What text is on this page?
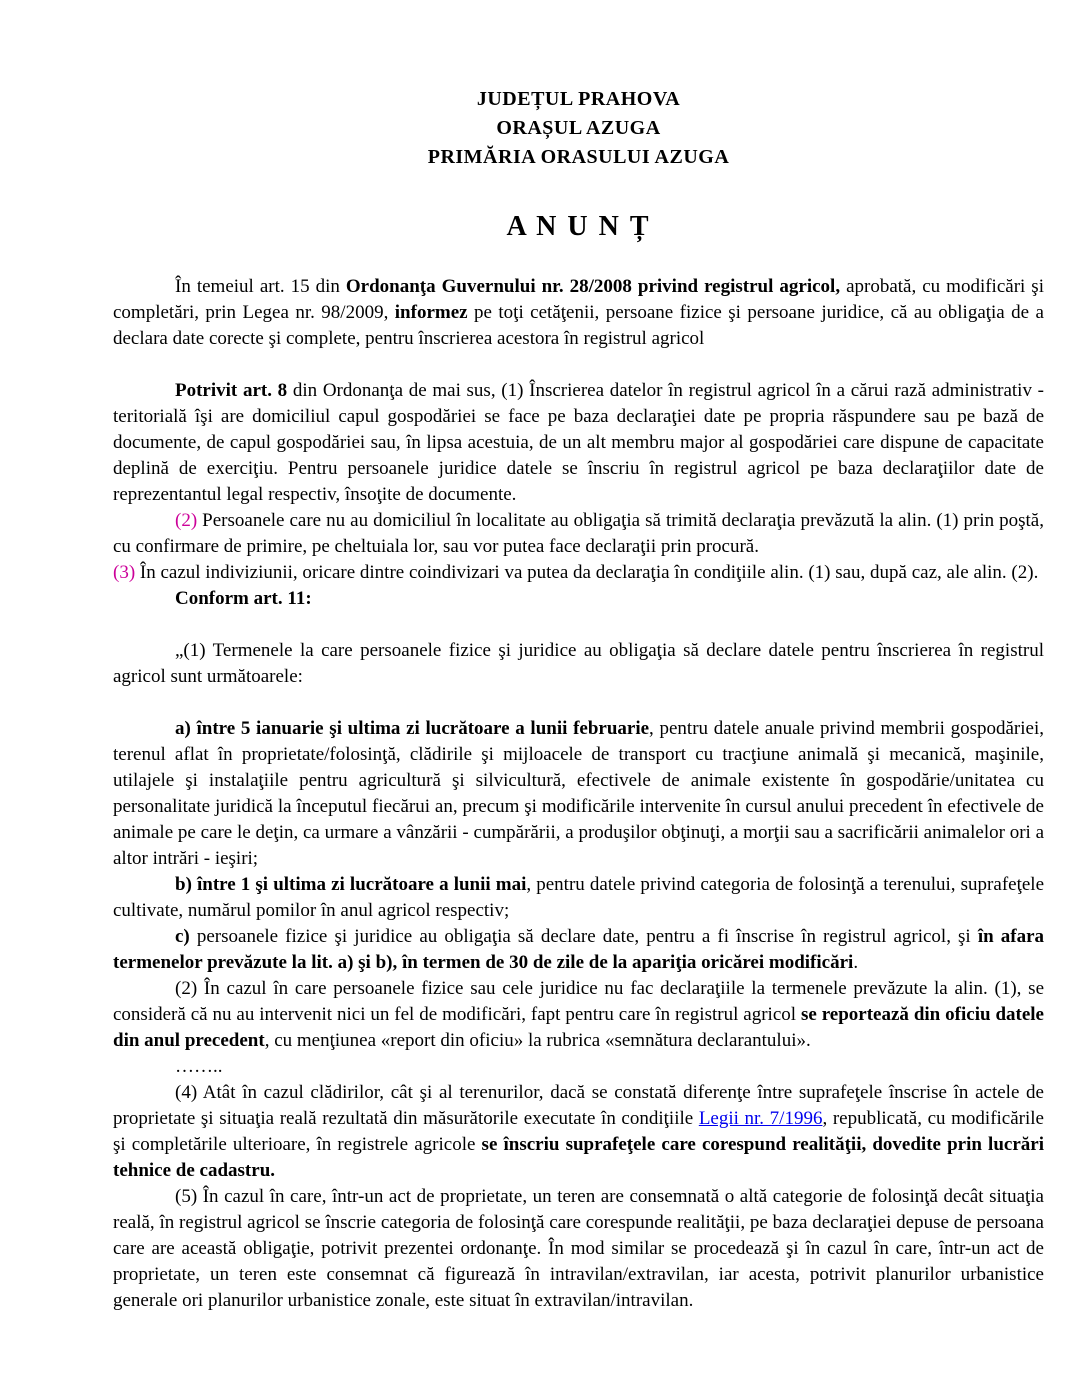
JUDEȚUL PRAHOVA

ORAȘUL AZUGA

PRIMĂRIA ORASULUI AZUGA

A N U N Ț

În temeiul art. 15 din Ordonanţa Guvernului nr. 28/2008 privind registrul agricol, aprobată, cu modificări şi completări, prin Legea nr. 98/2009, informez pe toţi cetăţenii, persoane fizice şi persoane juridice, că au obligaţia de a declara date corecte şi complete, pentru înscrierea acestora în registrul agricol

Potrivit art. 8 din Ordonanţa de mai sus, (1) Înscrierea datelor în registrul agricol în a cărui rază administrativ - teritorială îşi are domiciliul capul gospodăriei se face pe baza declaraţiei date pe propria răspundere sau pe bază de documente, de capul gospodăriei sau, în lipsa acestuia, de un alt membru major al gospodăriei care dispune de capacitate deplină de exerciţiu. Pentru persoanele juridice datele se înscriu în registrul agricol pe baza declaraţiilor date de reprezentantul legal respectiv, însoţite de documente.

(2) Persoanele care nu au domiciliul în localitate au obligaţia să trimită declaraţia prevăzută la alin. (1) prin poştă, cu confirmare de primire, pe cheltuiala lor, sau vor putea face declaraţii prin procură.

(3) În cazul indiviziunii, oricare dintre coindivizari va putea da declaraţia în condiţiile alin. (1) sau, după caz, ale alin. (2).

Conform art. 11:

„(1) Termenele la care persoanele fizice şi juridice au obligaţia să declare datele pentru înscrierea în registrul agricol sunt următoarele:

a) între 5 ianuarie şi ultima zi lucrătoare a lunii februarie, pentru datele anuale privind membrii gospodăriei, terenul aflat în proprietate/folosinţă, clădirile şi mijloacele de transport cu tracţiune animală şi mecanică, maşinile, utilajele şi instalaţiile pentru agricultură şi silvicultură, efectivele de animale existente în gospodărie/unitatea cu personalitate juridică la începutul fiecărui an, precum şi modificările intervenite în cursul anului precedent în efectivele de animale pe care le deţin, ca urmare a vânzării - cumpărării, a produşilor obţinuţi, a morţii sau a sacrificării animalelor ori a altor intrări - ieşiri;

b) între 1 şi ultima zi lucrătoare a lunii mai, pentru datele privind categoria de folosinţă a terenului, suprafeţele cultivate, numărul pomilor în anul agricol respectiv;

c) persoanele fizice şi juridice au obligaţia să declare date, pentru a fi înscrise în registrul agricol, şi în afara termenelor prevăzute la lit. a) şi b), în termen de 30 de zile de la apariţia oricărei modificări.

(2) În cazul în care persoanele fizice sau cele juridice nu fac declaraţiile la termenele prevăzute la alin. (1), se consideră că nu au intervenit nici un fel de modificări, fapt pentru care în registrul agricol se reportează din oficiu datele din anul precedent, cu menţiunea «report din oficiu» la rubrica «semnătura declarantului».

……..

(4) Atât în cazul clădirilor, cât şi al terenurilor, dacă se constată diferenţe între suprafeţele înscrise în actele de proprietate şi situaţia reală rezultată din măsurătorile executate în condiţiile Legii nr. 7/1996, republicată, cu modificările şi completările ulterioare, în registrele agricole se înscriu suprafeţele care corespund realităţii, dovedite prin lucrări tehnice de cadastru.

(5) În cazul în care, într-un act de proprietate, un teren are consemnată o altă categorie de folosinţă decât situaţia reală, în registrul agricol se înscrie categoria de folosinţă care corespunde realităţii, pe baza declaraţiei depuse de persoana care are această obligaţie, potrivit prezentei ordonanţe. În mod similar se procedează şi în cazul în care, într-un act de proprietate, un teren este consemnat că figurează în intravilan/extravilan, iar acesta, potrivit planurilor urbanistice generale ori planurilor urbanistice zonale, este situat în extravilan/intravilan.
